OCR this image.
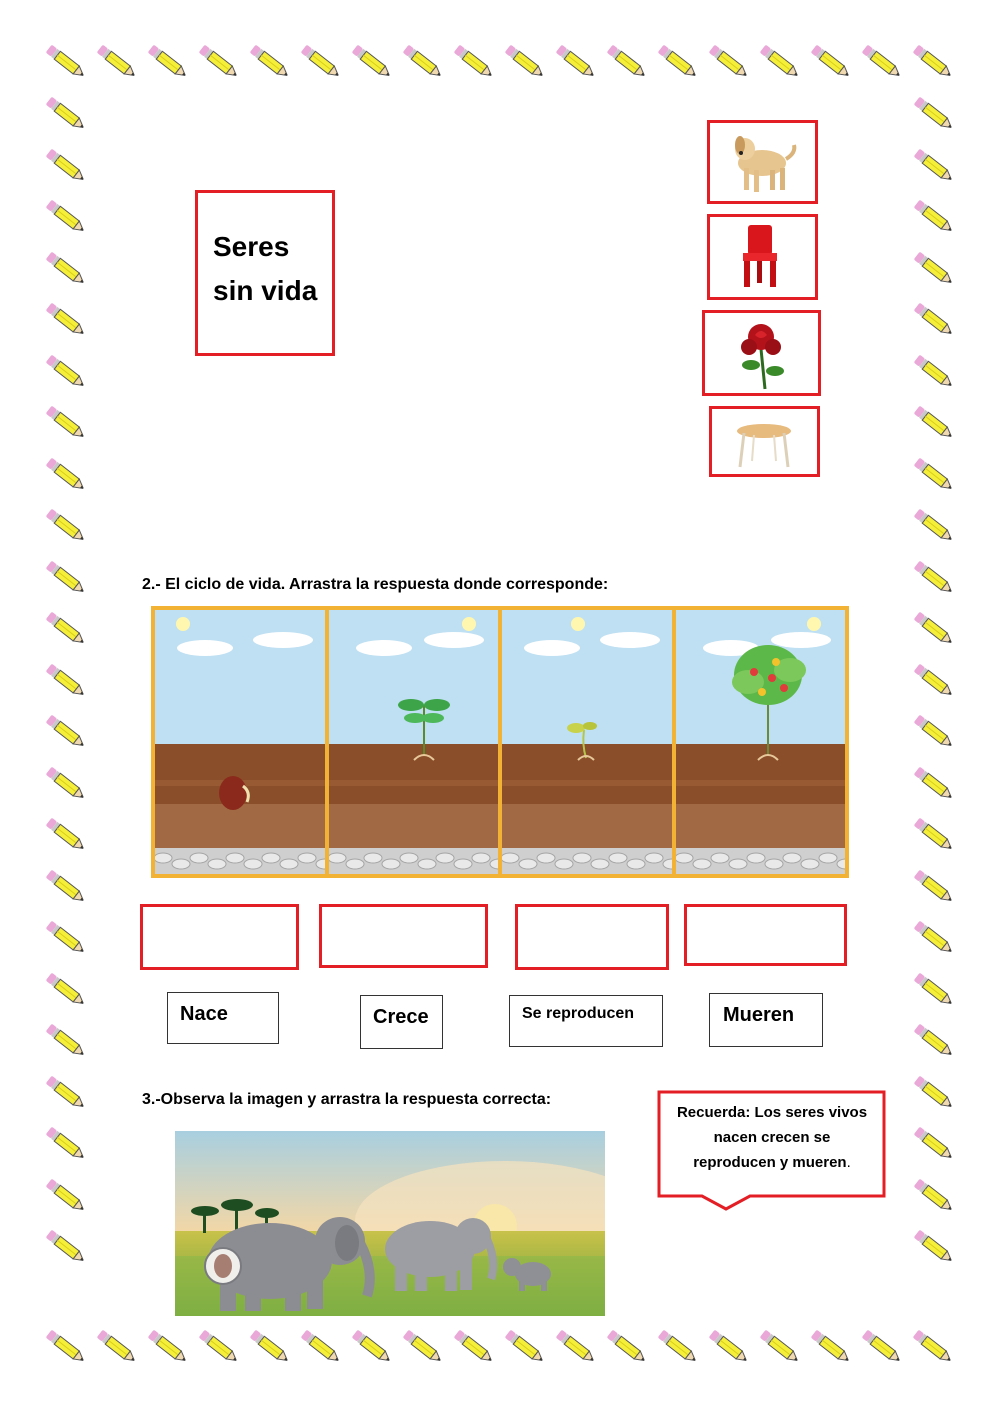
Seres
sin vida
2.- El ciclo de vida. Arrastra la respuesta donde corresponde:
Nace	Crece	Se reproducen	Mueren
3.-Observa la imagen y arrastra la respuesta correcta:
Recuerda: Los seres vivos
nacen crecen se
reproducen y mueren.
